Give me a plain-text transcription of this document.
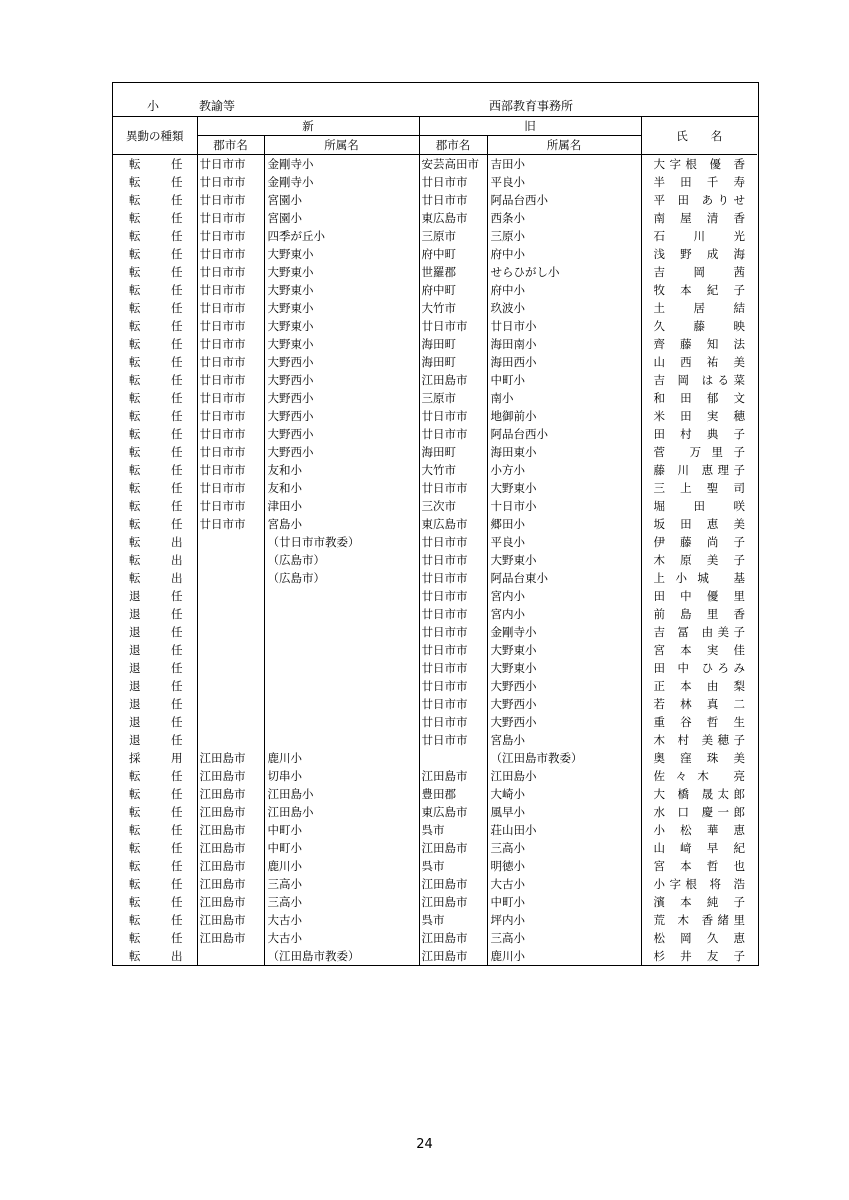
小	教諭等	西部教育事務所
異動の種類	新		旧		氏　　名
	郡市名	所属名	郡市名	所属名	
転任	廿日市市	金剛寺小	安芸高田市	吉田小	大字根 優 香
転任	廿日市市	金剛寺小	廿日市市	平良小	半 田 千 寿
転任	廿日市市	宮園小	廿日市市	阿品台西小	平 田 ありせ
転任	廿日市市	宮園小	東広島市	西条小	南 屋 清 香
転任	廿日市市	四季が丘小	三原市	三原小	石 川 光
転任	廿日市市	大野東小	府中町	府中小	浅 野 成 海
転任	廿日市市	大野東小	世羅郡	せらひがし小	吉 岡 茜
転任	廿日市市	大野東小	府中町	府中小	牧 本 紀 子
転任	廿日市市	大野東小	大竹市	玖波小	土 居 結
転任	廿日市市	大野東小	廿日市市	廿日市小	久 藤 映
転任	廿日市市	大野東小	海田町	海田南小	齊 藤 知 法
転任	廿日市市	大野西小	海田町	海田西小	山 西 祐 美
転任	廿日市市	大野西小	江田島市	中町小	吉 岡 はる菜
転任	廿日市市	大野西小	三原市	南小	和 田 郁 文
転任	廿日市市	大野西小	廿日市市	地御前小	米 田 実 穂
転任	廿日市市	大野西小	廿日市市	阿品台西小	田 村 典 子
転任	廿日市市	大野西小	海田町	海田東小	菅 万里子
転任	廿日市市	友和小	大竹市	小方小	藤 川 恵理子
転任	廿日市市	友和小	廿日市市	大野東小	三 上 聖 司
転任	廿日市市	津田小	三次市	十日市小	堀 田 咲
転任	廿日市市	宮島小	東広島市	郷田小	坂 田 恵 美
転出		（廿日市市教委）	廿日市市	平良小	伊 藤 尚 子
転出		（広島市）	廿日市市	大野東小	木 原 美 子
転出		（広島市）	廿日市市	阿品台東小	上小城 基
退任			廿日市市	宮内小	田 中 優 里
退任			廿日市市	宮内小	前 島 里 香
退任			廿日市市	金剛寺小	吉 冨 由美子
退任			廿日市市	大野東小	宮 本 実 佳
退任			廿日市市	大野東小	田 中 ひろみ
退任			廿日市市	大野西小	正 本 由 梨
退任			廿日市市	大野西小	若 林 真 二
退任			廿日市市	大野西小	重 谷 哲 生
退任			廿日市市	宮島小	木 村 美穂子
採用	江田島市	鹿川小		（江田島市教委）	奥 窪 珠 美
転任	江田島市	切串小	江田島市	江田島小	佐々木 亮
転任	江田島市	江田島小	豊田郡	大崎小	大 橋 晟太郎
転任	江田島市	江田島小	東広島市	風早小	水 口 慶一郎
転任	江田島市	中町小	呉市	荘山田小	小 松 華 恵
転任	江田島市	中町小	江田島市	三高小	山 﨑 早 紀
転任	江田島市	鹿川小	呉市	明徳小	宮 本 哲 也
転任	江田島市	三高小	江田島市	大古小	小字根 将 浩
転任	江田島市	三高小	江田島市	中町小	濱 本 純 子
転任	江田島市	大古小	呉市	坪内小	荒 木 香緒里
転任	江田島市	大古小	江田島市	三高小	松 岡 久 恵
転出		（江田島市教委）	江田島市	鹿川小	杉 井 友 子
24
